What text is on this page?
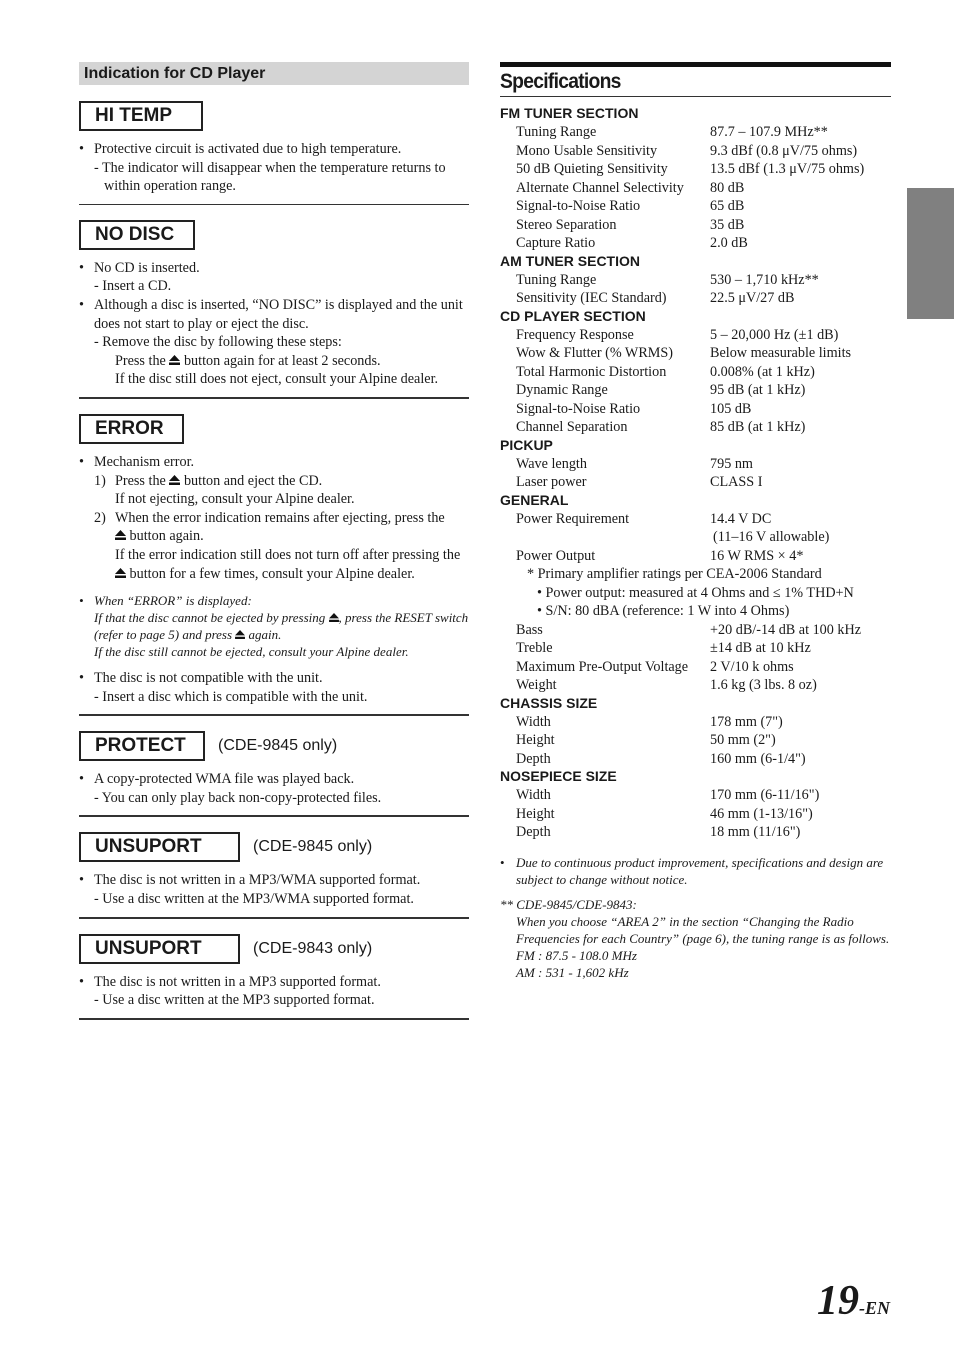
Indication for CD Player
HI TEMP
• Protective circuit is activated due to high temperature.
- The indicator will disappear when the temperature returns to within operation range.
NO DISC
• No CD is inserted.
- Insert a CD.
• Although a disc is inserted, “NO DISC” is displayed and the unit does not start to play or eject the disc.
- Remove the disc by following these steps:
Press the button again for at least 2 seconds.
If the disc still does not eject, consult your Alpine dealer.
ERROR
• Mechanism error.
1) Press the button and eject the CD.
If not ejecting, consult your Alpine dealer.
2) When the error indication remains after ejecting, press the
button again.
If the error indication still does not turn off after pressing the  button for a few times, consult your Alpine dealer.
• When “ERROR” is displayed:
If that the disc cannot be ejected by pressing , press the RESET switch (refer to page 5) and press again.
If the disc still cannot be ejected, consult your Alpine dealer.
• The disc is not compatible with the unit.
- Insert a disc which is compatible with the unit.
PROTECT	(CDE-9845 only)
• A copy-protected WMA file was played back.
- You can only play back non-copy-protected files.
UNSUPORT	(CDE-9845 only)
• The disc is not written in a MP3/WMA supported format.
- Use a disc written at the MP3/WMA supported format.
UNSUPORT	(CDE-9843 only)
• The disc is not written in a MP3 supported format.
- Use a disc written at the MP3 supported format.
Specifications
FM TUNER SECTION
Tuning Range	87.7 – 107.9 MHz**
Mono Usable Sensitivity	9.3 dBf (0.8 μV/75 ohms)
50 dB Quieting Sensitivity	13.5 dBf (1.3 μV/75 ohms)
Alternate Channel Selectivity	80 dB
Signal-to-Noise Ratio	65 dB
Stereo Separation	35 dB
Capture Ratio	2.0 dB
AM TUNER SECTION
Tuning Range	530 – 1,710 kHz**
Sensitivity (IEC Standard)	22.5 μV/27 dB
CD PLAYER SECTION
Frequency Response	5 – 20,000 Hz (±1 dB)
Wow & Flutter (% WRMS)	Below measurable limits
Total Harmonic Distortion	0.008% (at 1 kHz)
Dynamic Range	95 dB (at 1 kHz)
Signal-to-Noise Ratio	105 dB
Channel Separation	85 dB (at 1 kHz)
PICKUP
Wave length	795 nm
Laser power	CLASS I
GENERAL
Power Requirement	14.4 V DC
(11–16 V allowable)
Power Output	16 W RMS × 4*
* Primary amplifier ratings per CEA-2006 Standard
• Power output: measured at 4 Ohms and ≤ 1% THD+N
• S/N: 80 dBA (reference: 1 W into 4 Ohms)
Bass	+20 dB/-14 dB at 100 kHz
Treble	±14 dB at 10 kHz
Maximum Pre-Output Voltage	2 V/10 k ohms
Weight	1.6 kg (3 lbs. 8 oz)
CHASSIS SIZE
Width	178 mm (7")
Height	50 mm (2")
Depth	160 mm (6-1/4")
NOSEPIECE SIZE
Width	170 mm (6-11/16")
Height	46 mm (1-13/16")
Depth	18 mm (11/16")
• Due to continuous product improvement, specifications and design are subject to change without notice.
** CDE-9845/CDE-9843:
When you choose “AREA 2” in the section “Changing the Radio Frequencies for each Country” (page 6), the tuning range is as follows.
FM : 87.5 - 108.0 MHz
AM : 531 - 1,602 kHz
19-EN
